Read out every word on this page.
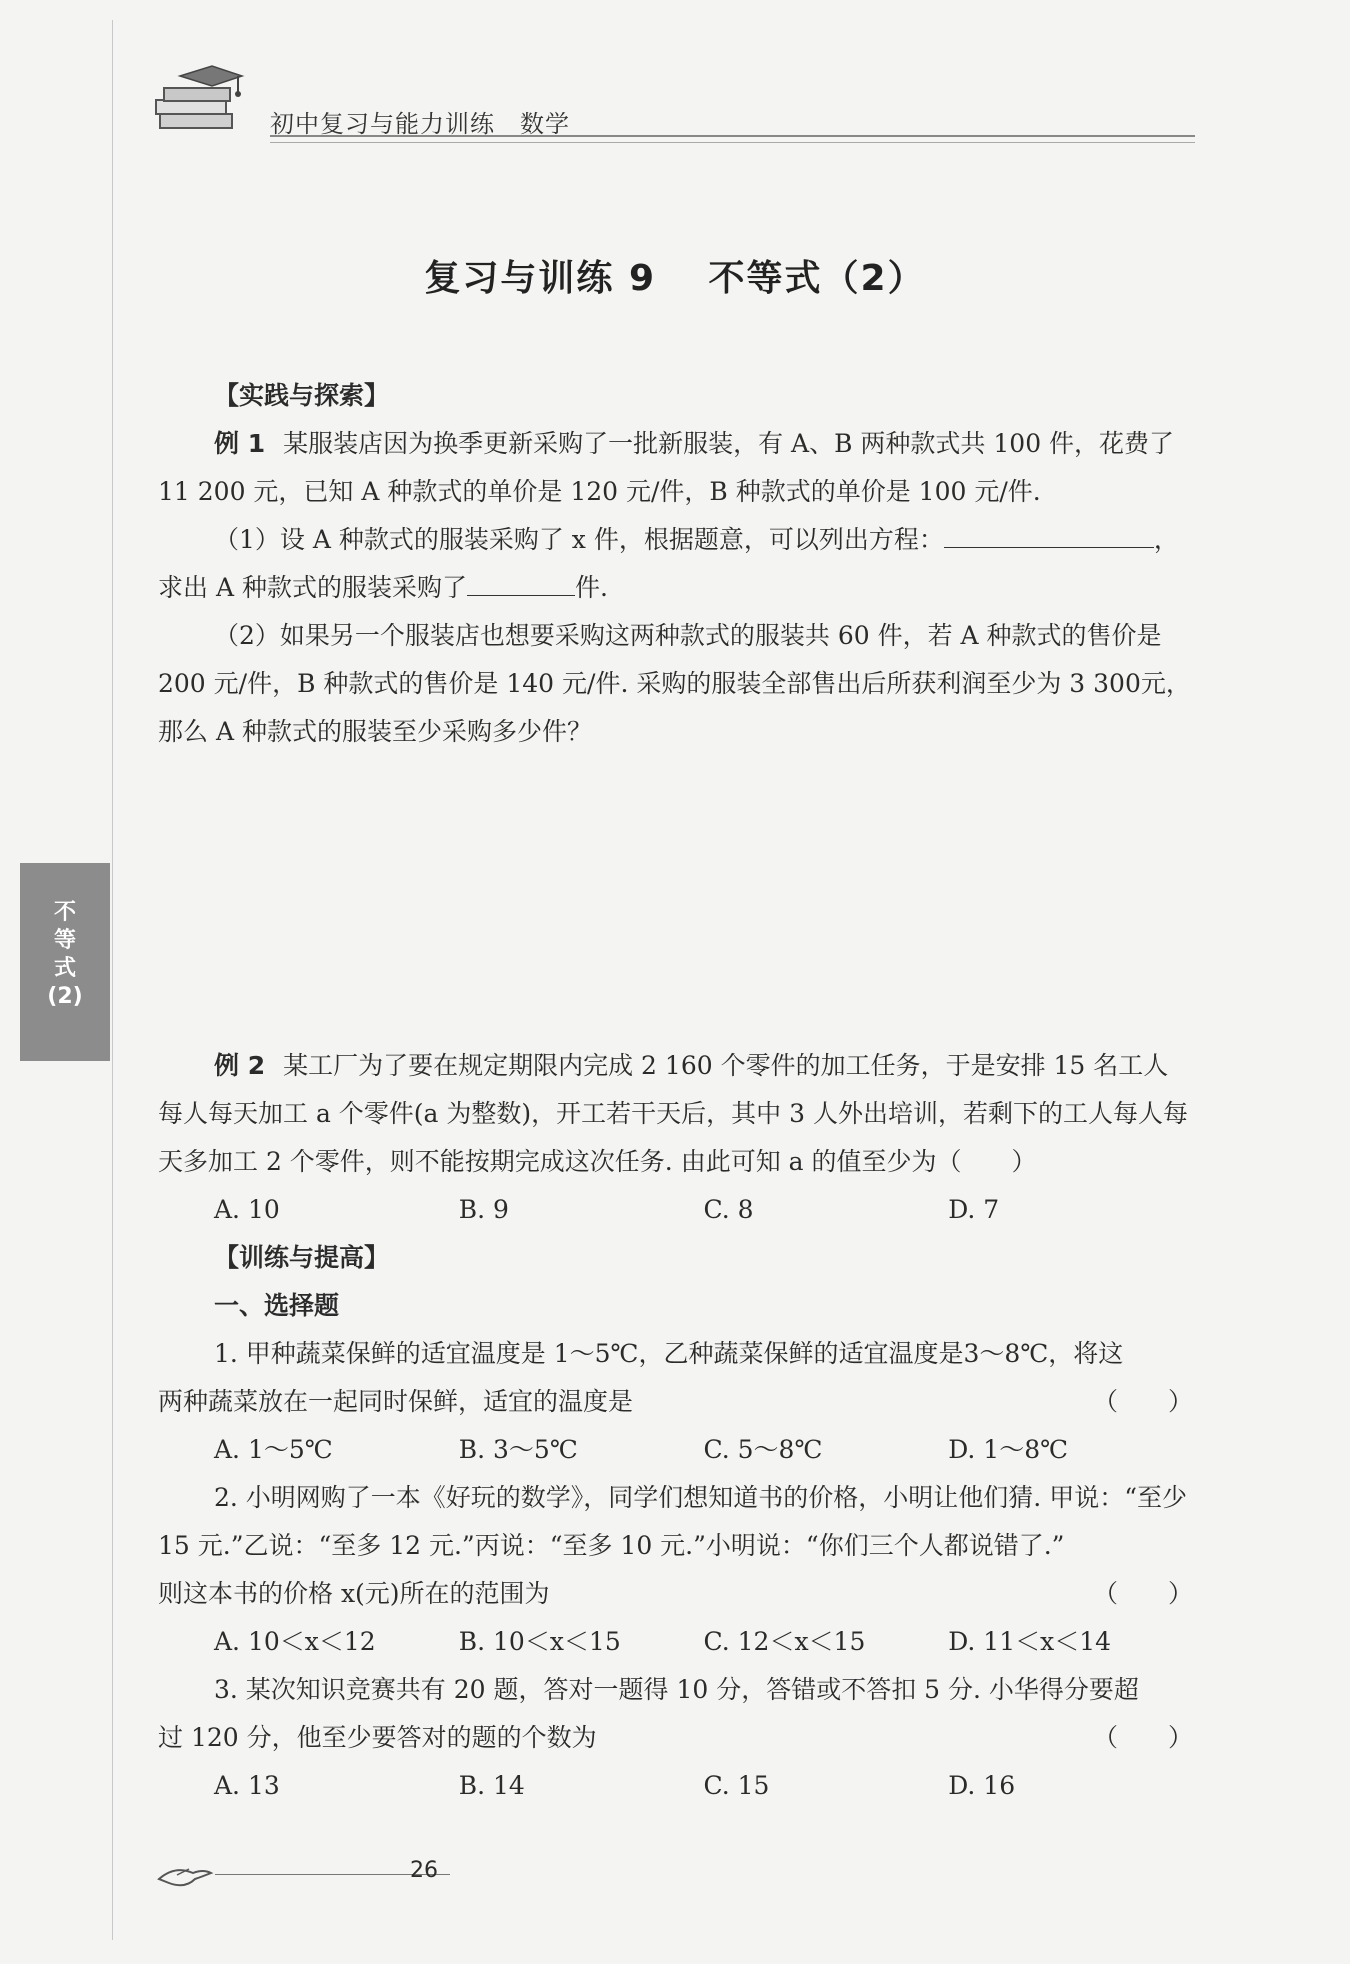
初中复习与能力训练　数学
不
等
式
(2)
复习与训练 9　 不等式（2）

【实践与探索】

例 1 某服装店因为换季更新采购了一批新服装，有 A、B 两种款式共 100 件，花费了 11 200 元，已知 A 种款式的单价是 120 元/件，B 种款式的单价是 100 元/件.

（1）设 A 种款式的服装采购了 x 件，根据题意，可以列出方程：	，

求出 A 种款式的服装采购了	件.

（2）如果另一个服装店也想要采购这两种款式的服装共 60 件，若 A 种款式的售价是 200 元/件，B 种款式的售价是 140 元/件. 采购的服装全部售出后所获利润至少为 3 300元，那么 A 种款式的服装至少采购多少件？

例 2 某工厂为了要在规定期限内完成 2 160 个零件的加工任务，于是安排 15 名工人每人每天加工 a 个零件(a 为整数)，开工若干天后，其中 3 人外出培训，若剩下的工人每人每天多加工 2 个零件，则不能按期完成这次任务. 由此可知 a 的值至少为（　　）

A. 10	B. 9	C. 8	D. 7

【训练与提高】

一、选择题

1. 甲种蔬菜保鲜的适宜温度是 1～5℃，乙种蔬菜保鲜的适宜温度是3～8℃，将这

两种蔬菜放在一起同时保鲜，适宜的温度是	（　　）

A. 1～5℃	B. 3～5℃	C. 5～8℃	D. 1～8℃

2. 小明网购了一本《好玩的数学》，同学们想知道书的价格，小明让他们猜. 甲说：“至少 15 元.”乙说：“至多 12 元.”丙说：“至多 10 元.”小明说：“你们三个人都说错了.”

则这本书的价格 x(元)所在的范围为	（　　）

A. 10＜x＜12	B. 10＜x＜15	C. 12＜x＜15	D. 11＜x＜14

3. 某次知识竞赛共有 20 题，答对一题得 10 分，答错或不答扣 5 分. 小华得分要超

过 120 分，他至少要答对的题的个数为	（　　）

A. 13	B. 14	C. 15	D. 16
26
